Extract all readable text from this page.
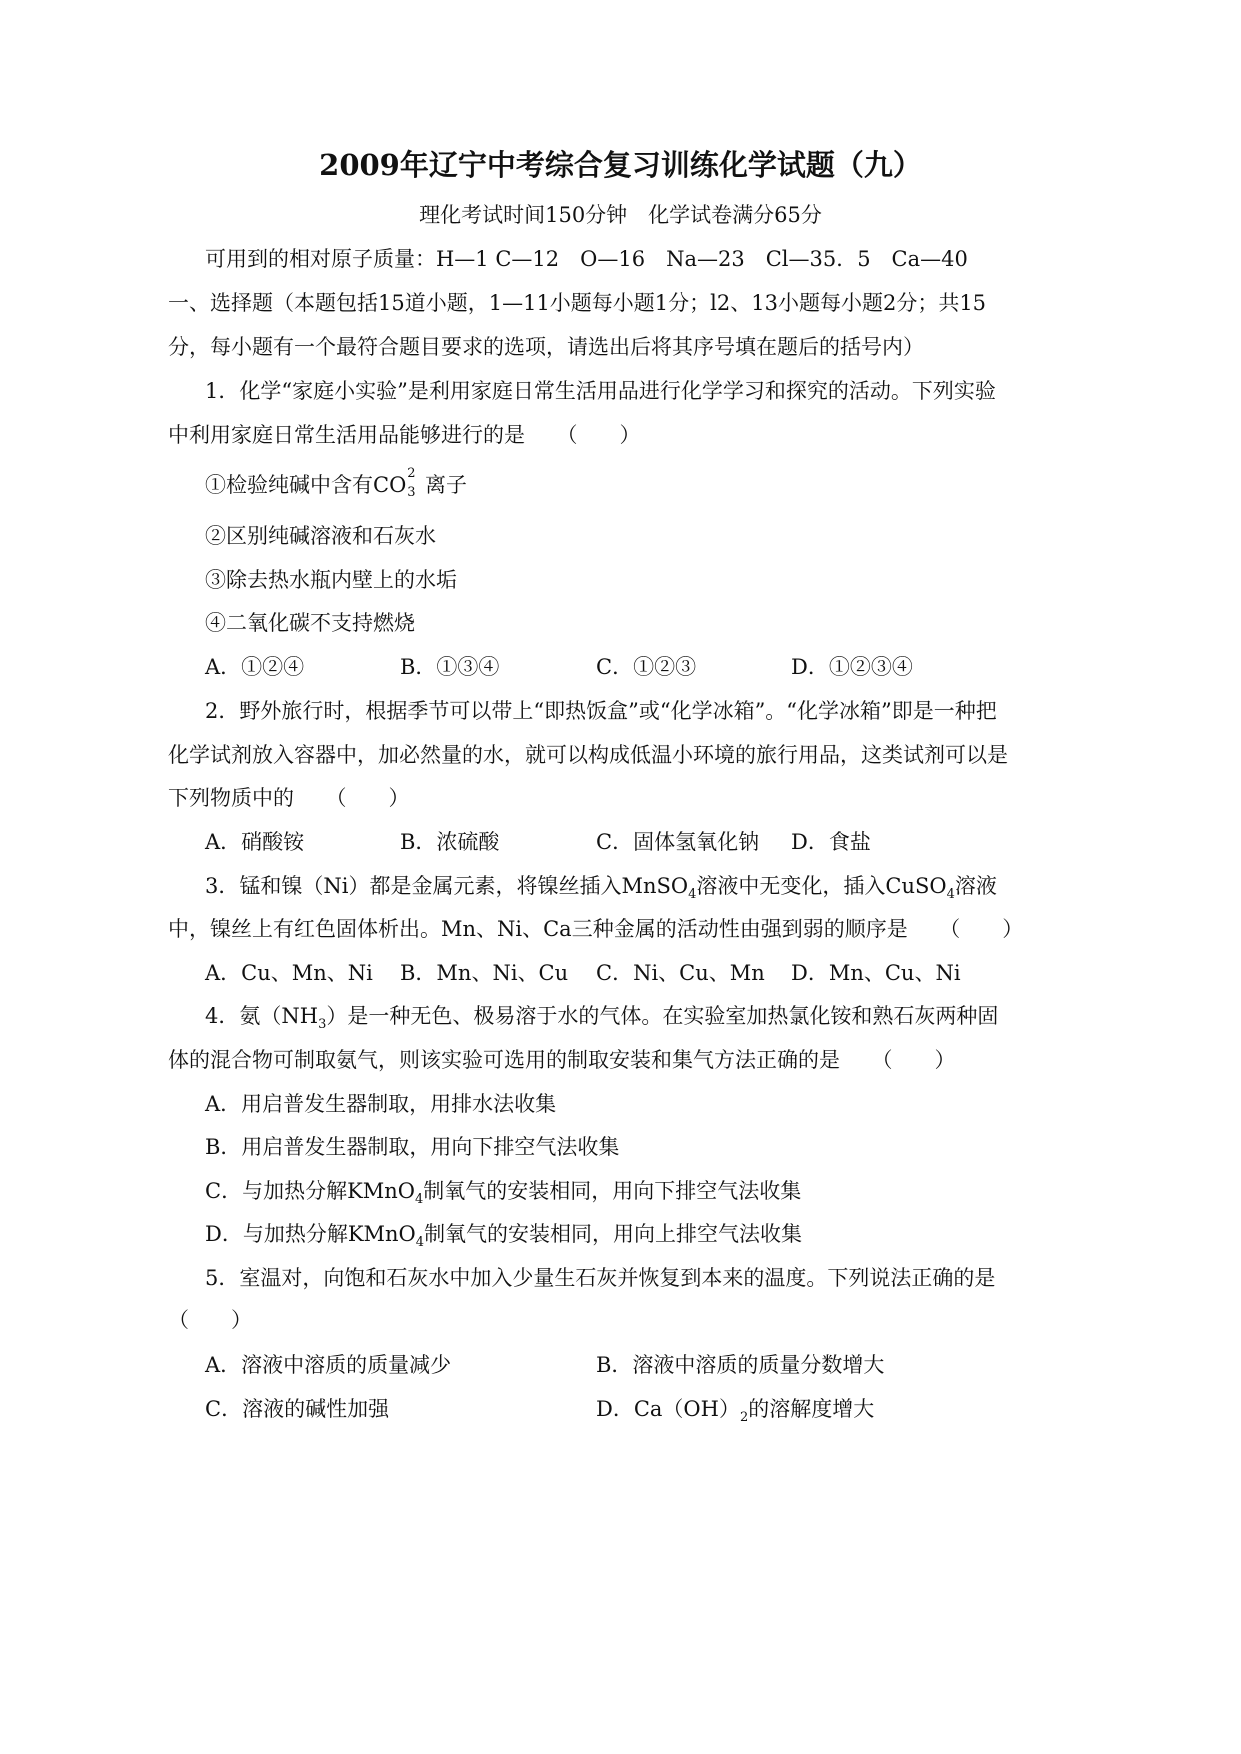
2009年辽宁中考综合复习训练化学试题（九）
理化考试时间150分钟　化学试卷满分65分
可用到的相对原子质量：H—1 C—12　O—16　Na—23　Cl—35．5　Ca—40
一、选择题（本题包括15道小题，1—11小题每小题1分；l2、13小题每小题2分；共15
分，每小题有一个最符合题目要求的选项，请选出后将其序号填在题后的括号内）
1．化学“家庭小实验”是利用家庭日常生活用品进行化学学习和探究的活动。下列实验
中利用家庭日常生活用品能够进行的是　　（　　）
①检验纯碱中含有CO 2
3 离子
②区别纯碱溶液和石灰水
③除去热水瓶内壁上的水垢
④二氧化碳不支持燃烧
A．①②④	B．①③④	C．①②③	D．①②③④
2．野外旅行时，根据季节可以带上“即热饭盒”或“化学冰箱”。“化学冰箱”即是一种把
化学试剂放入容器中，加必然量的水，就可以构成低温小环境的旅行用品，这类试剂可以是
下列物质中的　　（　　）
A．硝酸铵	B．浓硫酸	C．固体氢氧化钠 D．食盐
3．锰和镍（Ni）都是金属元素，将镍丝插入MnSO$_4$溶液中无变化，插入CuSO$_4$溶液
中，镍丝上有红色固体析出。Mn、Ni、Ca三种金属的活动性由强到弱的顺序是　　（　　）
A．Cu、Mn、Ni B．Mn、Ni、Cu C．Ni、Cu、Mn D．Mn、Cu、Ni
4．氨$(NH_3)$是一种无色、极易溶于水的气体。在实验室加热氯化铵和熟石灰两种固
体的混合物可制取氨气，则该实验可选用的制取安装和集气方法正确的是　　（　　）
A．用启普发生器制取，用排水法收集
B．用启普发生器制取，用向下排空气法收集
C．与加热分解KMnO$_4$制氧气的安装相同，用向下排空气法收集
D．与加热分解KMnO$_4$制氧气的安装相同，用向上排空气法收集
5．室温对，向饱和石灰水中加入少量生石灰并恢复到本来的温度。下列说法正确的是
（　　）
A．溶液中溶质的质量减少	B．溶液中溶质的质量分数增大
C．溶液的碱性加强	D．$Ca(OH)_2$的溶解度增大
